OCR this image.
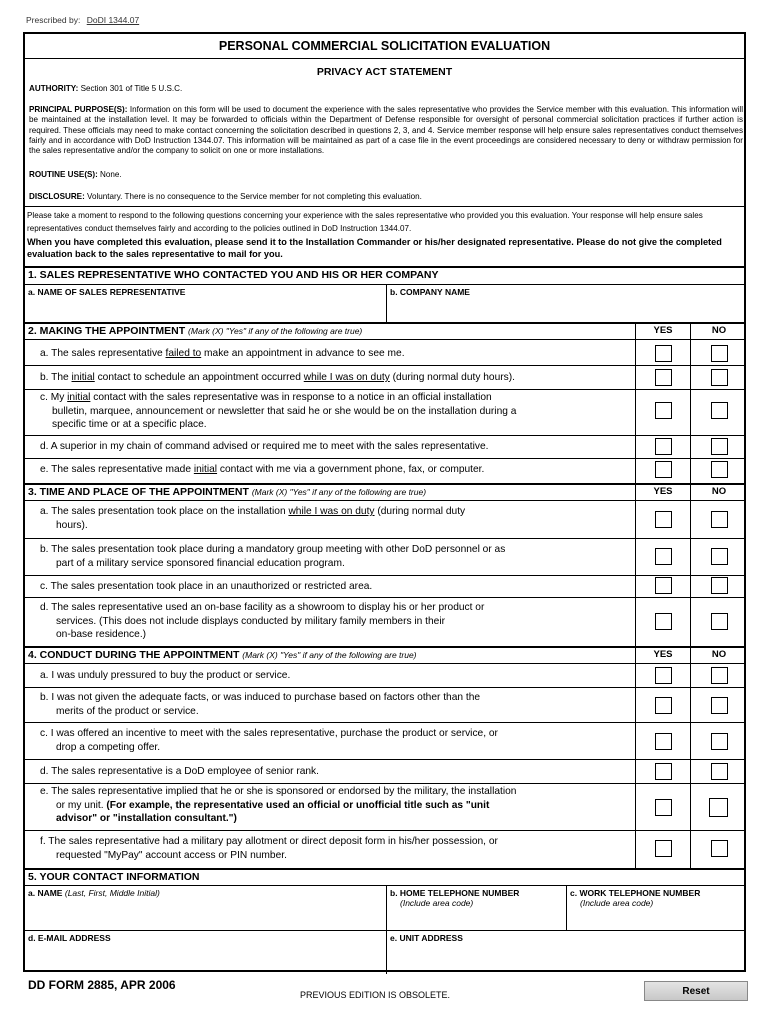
Prescribed by: DoDI 1344.07
PERSONAL COMMERCIAL SOLICITATION EVALUATION
PRIVACY ACT STATEMENT
AUTHORITY: Section 301 of Title 5 U.S.C.
PRINCIPAL PURPOSE(S): Information on this form will be used to document the experience with the sales representative who provides the Service member with this evaluation. This information will be maintained at the installation level. It may be forwarded to officials within the Department of Defense responsible for oversight of personal commercial solicitation practices if further action is required. These officials may need to make contact concerning the solicitation described in questions 2, 3, and 4. Service member response will help ensure sales representatives conduct themselves fairly and in accordance with DoD Instruction 1344.07. This information will be maintained as part of a case file in the event proceedings are considered necessary to deny or withdraw permission for the sales representative and/or the company to solicit on one or more installations.
ROUTINE USE(S): None.
DISCLOSURE: Voluntary. There is no consequence to the Service member for not completing this evaluation.
Please take a moment to respond to the following questions concerning your experience with the sales representative who provided you this evaluation. Your response will help ensure sales representatives conduct themselves fairly and according to the policies outlined in DoD Instruction 1344.07.
When you have completed this evaluation, please send it to the Installation Commander or his/her designated representative. Please do not give the completed evaluation back to the sales representative to mail for you.
1. SALES REPRESENTATIVE WHO CONTACTED YOU AND HIS OR HER COMPANY
a. NAME OF SALES REPRESENTATIVE	b. COMPANY NAME
2. MAKING THE APPOINTMENT (Mark (X) "Yes" if any of the following are true)	YES	NO
a. The sales representative failed to make an appointment in advance to see me.
b. The initial contact to schedule an appointment occurred while I was on duty (during normal duty hours).
c. My initial contact with the sales representative was in response to a notice in an official installation
bulletin, marquee, announcement or newsletter that said he or she would be on the installation during a
specific time or at a specific place.
d. A superior in my chain of command advised or required me to meet with the sales representative.
e. The sales representative made initial contact with me via a government phone, fax, or computer.
3. TIME AND PLACE OF THE APPOINTMENT (Mark (X) "Yes" if any of the following are true)	YES	NO
a. The sales presentation took place on the installation while I was on duty (during normal duty
hours).
b. The sales presentation took place during a mandatory group meeting with other DoD personnel or as
part of a military service sponsored financial education program.
c. The sales presentation took place in an unauthorized or restricted area.
d. The sales representative used an on-base facility as a showroom to display his or her product or
services. (This does not include displays conducted by military family members in their
on-base residence.)
4. CONDUCT DURING THE APPOINTMENT (Mark (X) "Yes" if any of the following are true)	YES	NO
a. I was unduly pressured to buy the product or service.
b. I was not given the adequate facts, or was induced to purchase based on factors other than the
merits of the product or service.
c. I was offered an incentive to meet with the sales representative, purchase the product or service, or
drop a competing offer.
d. The sales representative is a DoD employee of senior rank.
e. The sales representative implied that he or she is sponsored or endorsed by the military, the installation
or my unit. (For example, the representative used an official or unofficial title such as "unit
advisor" or "installation consultant.")
f. The sales representative had a military pay allotment or direct deposit form in his/her possession, or
requested "MyPay" account access or PIN number.
5. YOUR CONTACT INFORMATION
a. NAME (Last, First, Middle Initial)	b. HOME TELEPHONE NUMBER
(Include area code)
c. WORK TELEPHONE NUMBER
(Include area code)
d. E-MAIL ADDRESS	e. UNIT ADDRESS
DD FORM 2885, APR 2006
PREVIOUS EDITION IS OBSOLETE.	Reset
